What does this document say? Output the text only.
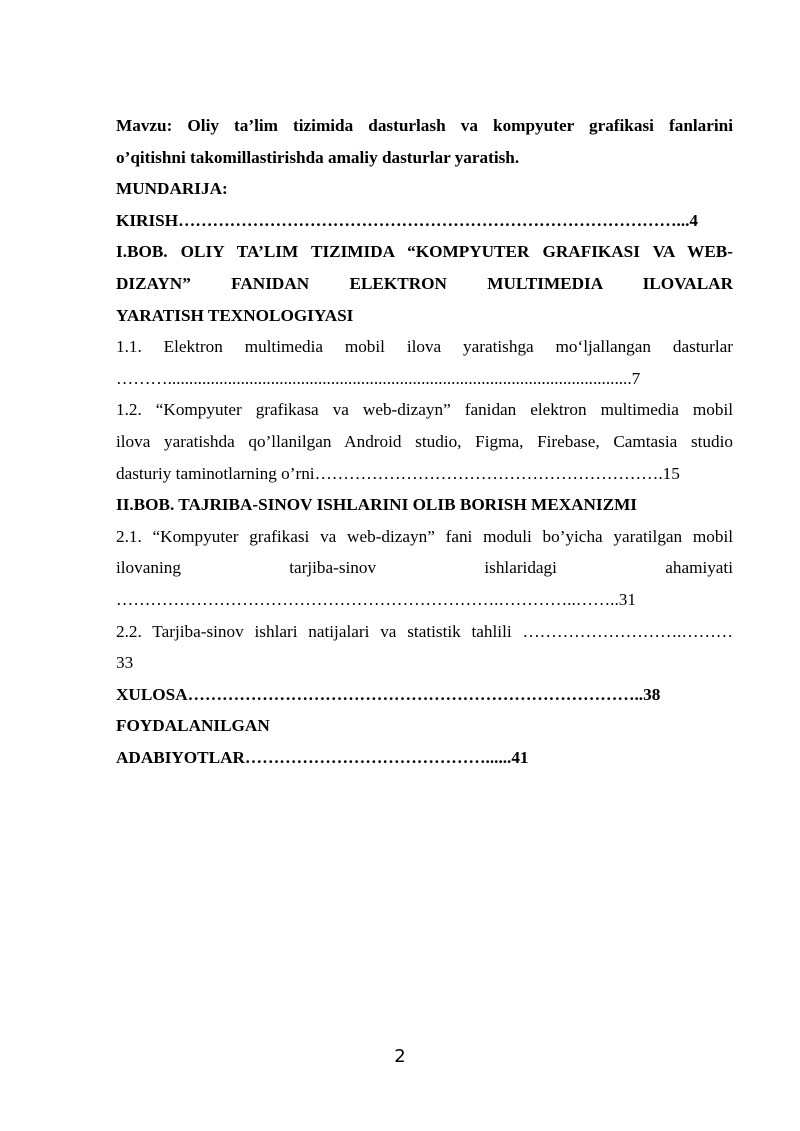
Mavzu: Oliy ta’lim tizimida dasturlash va kompyuter grafikasi fanlarini
o’qitishni takomillastirishda amaliy dasturlar yaratish.
MUNDARIJA:
KIRISH……………………………………………………………………………...4
I.BOB. OLIY TA’LIM TIZIMIDA “KOMPYUTER GRAFIKASI VA WEB-
DIZAYN” FANIDAN ELEKTRON MULTIMEDIA ILOVALAR
YARATISH TEXNOLOGIYASI
1.1. Elektron multimedia mobil ilova yaratishga mo‘ljallangan dasturlar
………............................................................................................................7
1.2. “Kompyuter grafikasa va web-dizayn” fanidan elektron multimedia mobil
ilova yaratishda qo’llanilgan Android studio, Figma, Firebase, Camtasia studio
dasturiy taminotlarning o’rni…………………………………………………….15
II.BOB. TAJRIBA-SINOV ISHLARINI OLIB BORISH MEXANIZMI
2.1. “Kompyuter grafikasi va web-dizayn” fani moduli bo’yicha yaratilgan mobil
ilovaning tarjiba-sinov ishlaridagi ahamiyati
………………………………………………………….…………..……..31
2.2. Tarjiba-sinov ishlari natijalari va statistik tahlili ……………………….………
33
XULOSA……………………………………………………………………..38
FOYDALANILGAN
ADABIYOTLAR……………………………………......41
2
